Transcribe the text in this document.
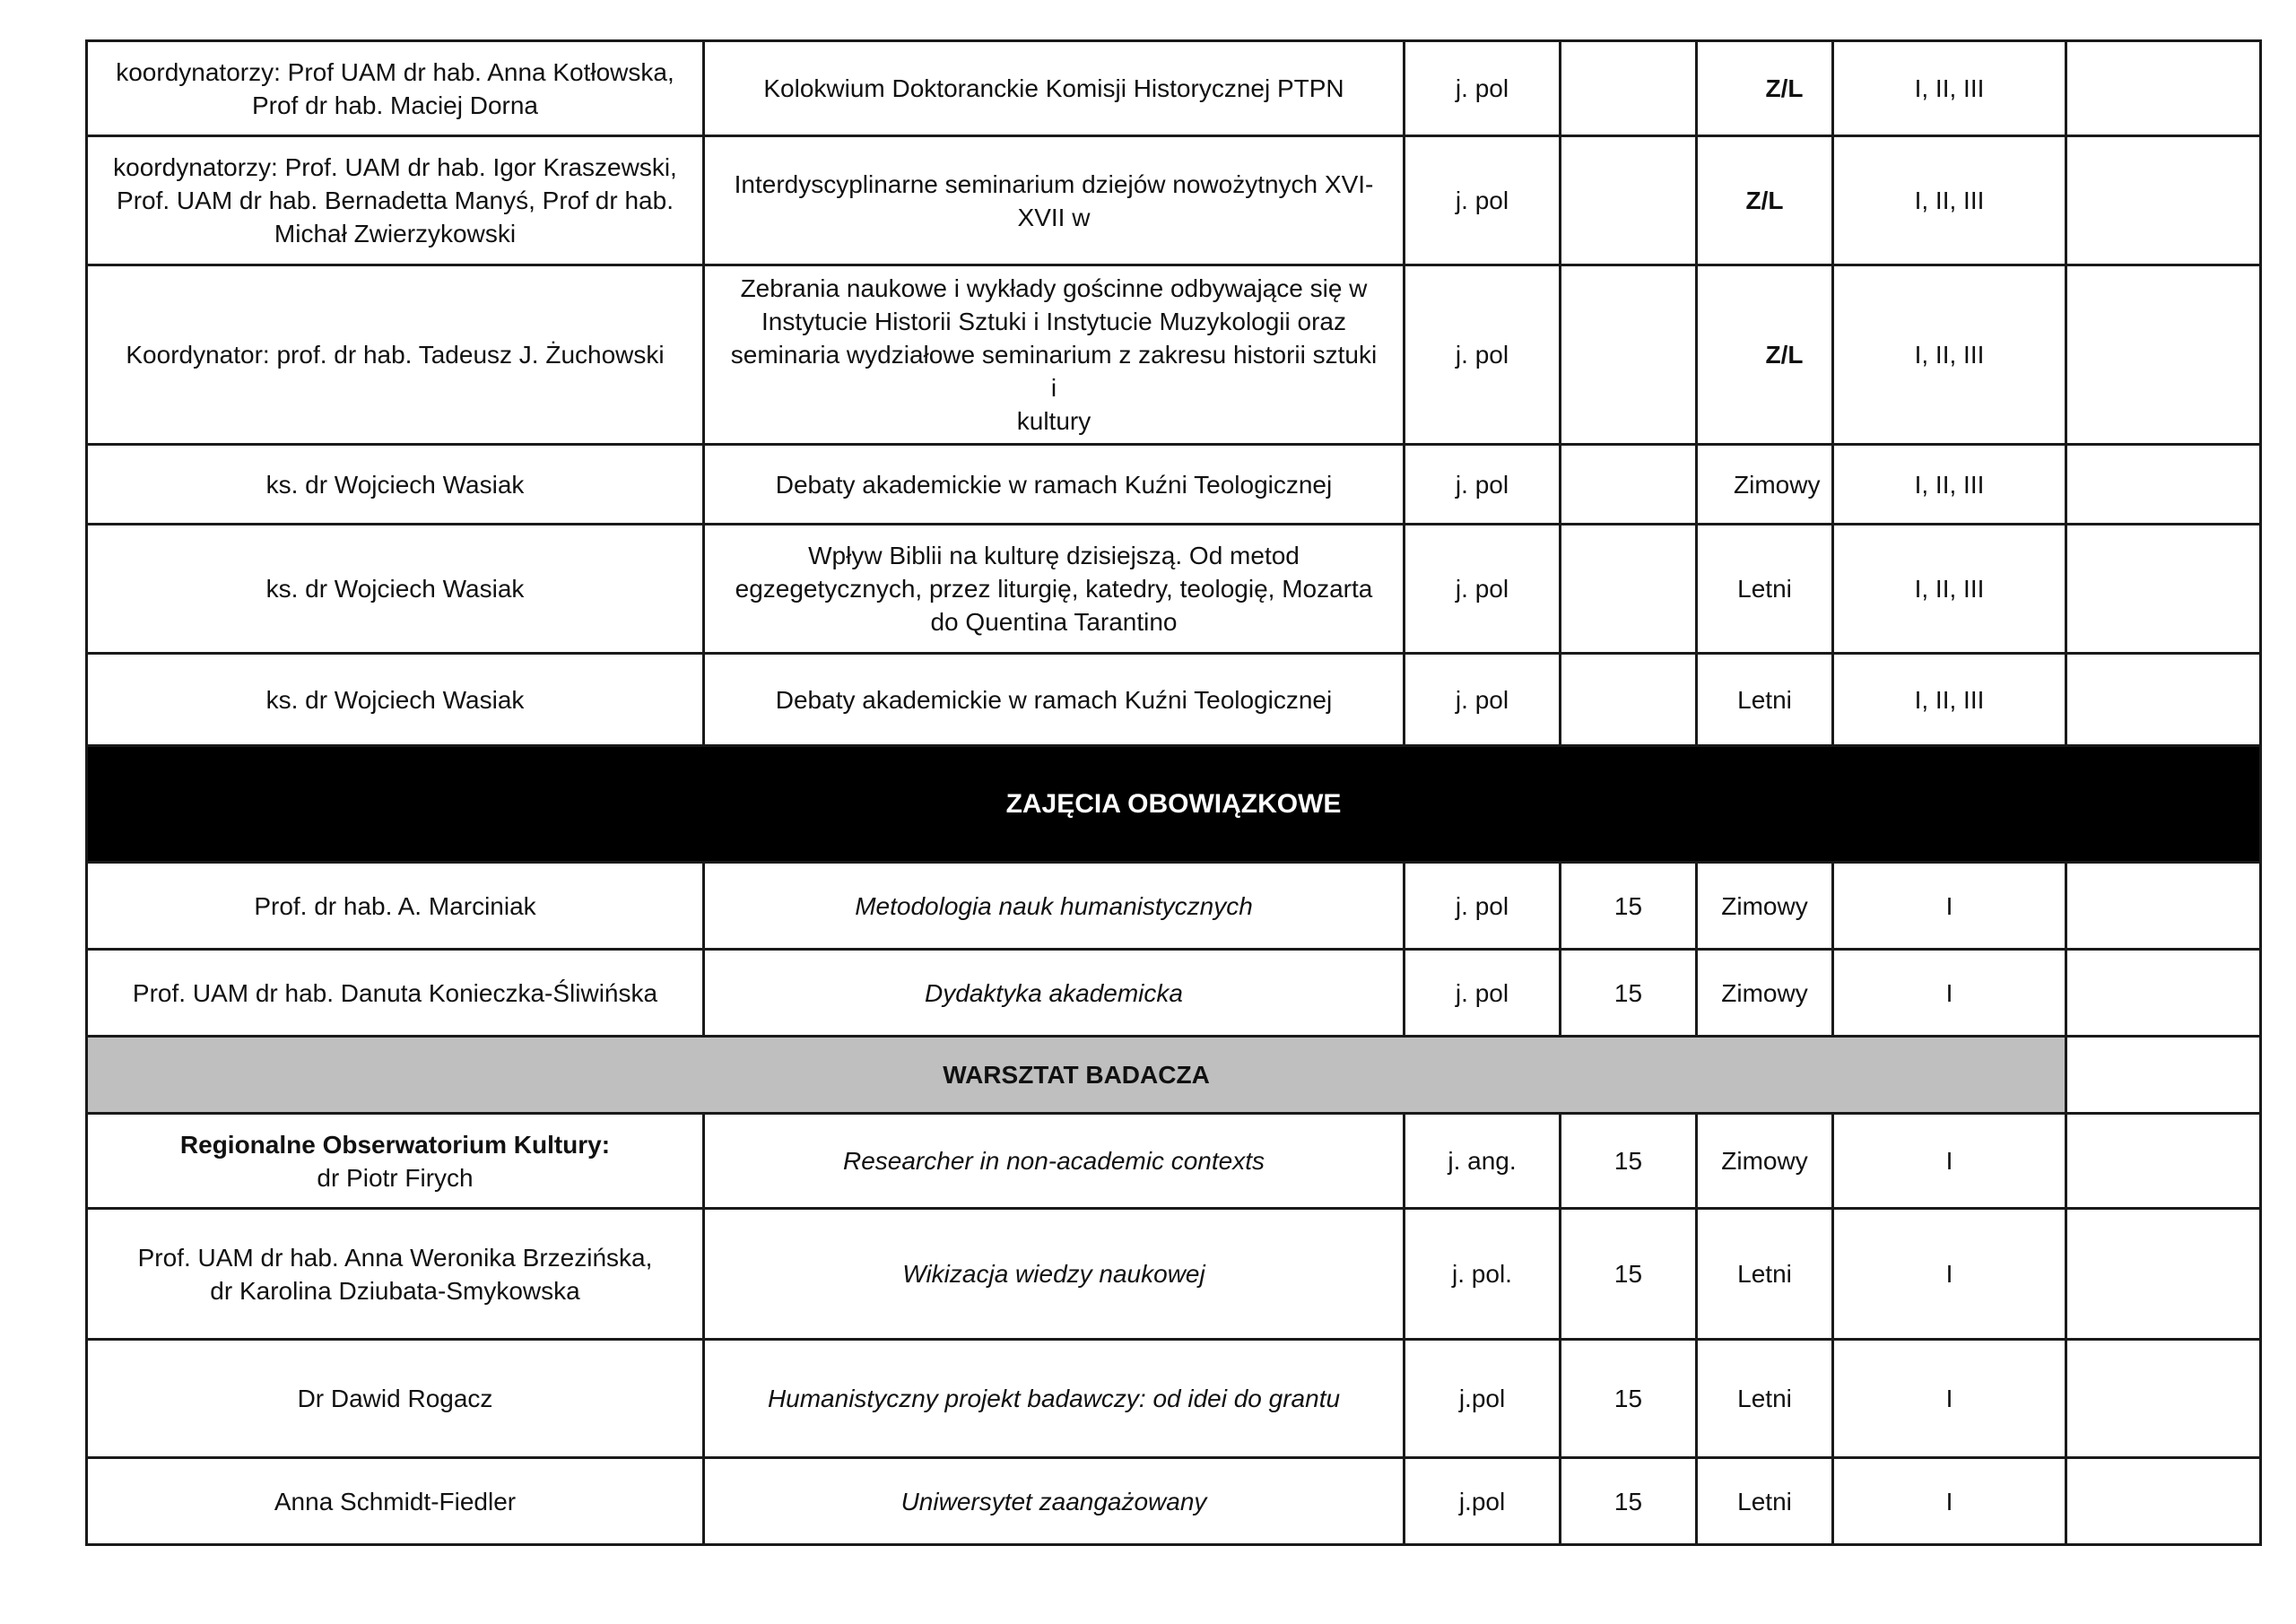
koordynatorzy: Prof UAM dr hab. Anna Kotłowska,
Prof dr hab. Maciej Dorna	Kolokwium Doktoranckie Komisji Historycznej PTPN	j. pol		Z/L	I, II, III	

koordynatorzy: Prof. UAM dr hab. Igor Kraszewski,
Prof. UAM dr hab. Bernadetta Manyś, Prof dr hab.
Michał Zwierzykowski	Interdyscyplinarne seminarium dziejów nowożytnych XVI-
XVII w	j. pol		Z/L	I, II, III	

Koordynator: prof. dr hab. Tadeusz J. Żuchowski	Zebrania naukowe i wykłady gościnne odbywające się w
Instytucie Historii Sztuki i Instytucie Muzykologii oraz
seminaria wydziałowe seminarium z zakresu historii sztuki i
kultury	j. pol		Z/L	I, II, III	

ks. dr Wojciech Wasiak	Debaty akademickie w ramach Kuźni Teologicznej	j. pol		Zimowy	I, II, III	

ks. dr Wojciech Wasiak	Wpływ Biblii na kulturę dzisiejszą. Od metod
egzegetycznych, przez liturgię, katedry, teologię, Mozarta
do Quentina Tarantino	j. pol		Letni	I, II, III	

ks. dr Wojciech Wasiak	Debaty akademickie w ramach Kuźni Teologicznej	j. pol		Letni	I, II, III	
ZAJĘCIA OBOWIĄZKOWE						

Prof. dr hab. A. Marciniak	Metodologia nauk humanistycznych	j. pol	15	Zimowy	I	

Prof. UAM dr hab. Danuta Konieczka-Śliwińska	Dydaktyka akademicka	j. pol	15	Zimowy	I	
WARSZTAT BADACZA						

Regionalne Obserwatorium Kultury:
dr Piotr Firych	Researcher in non-academic contexts	j. ang.	15	Zimowy	I	

Prof. UAM dr hab. Anna Weronika Brzezińska,
dr Karolina Dziubata-Smykowska	Wikizacja wiedzy naukowej	j. pol.	15	Letni	I	

Dr Dawid Rogacz	Humanistyczny projekt badawczy: od idei do grantu	j.pol	15	Letni	I	

Anna Schmidt-Fiedler	Uniwersytet zaangażowany	j.pol	15	Letni	I	
